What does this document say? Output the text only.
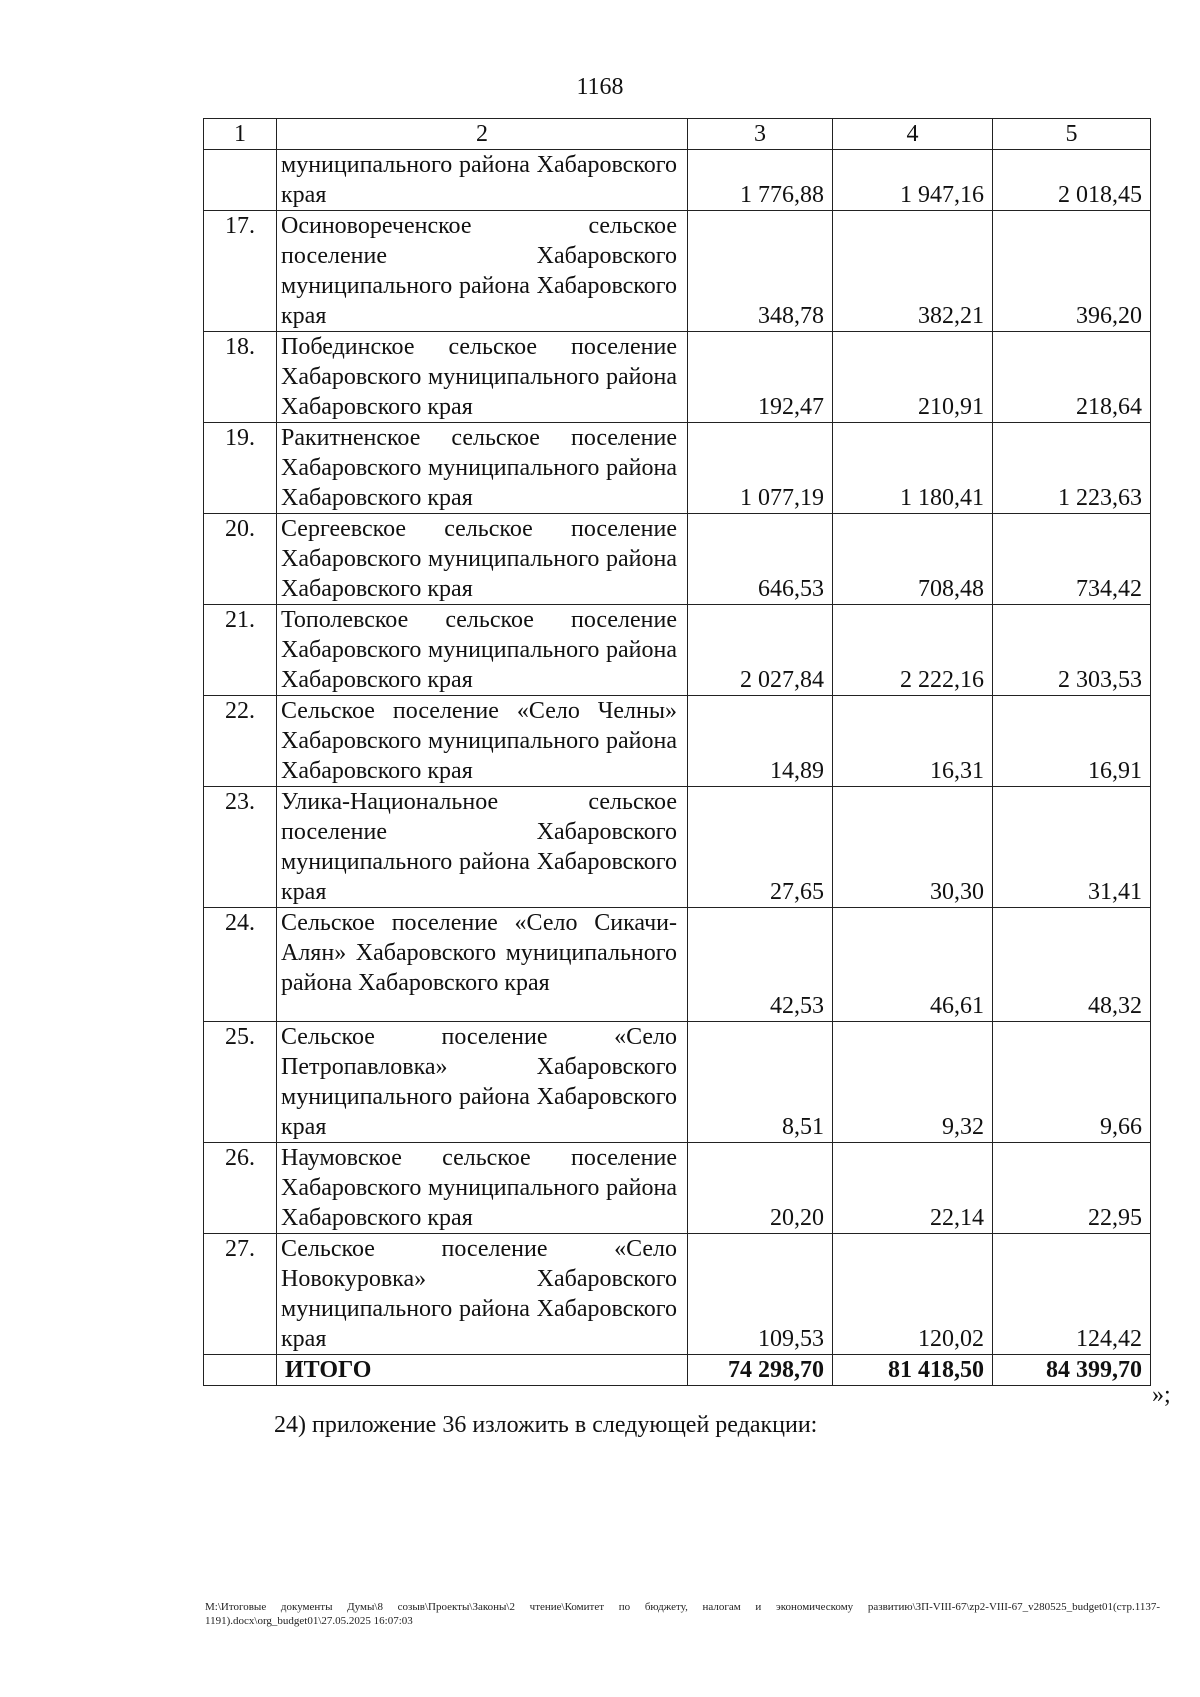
1168
1	2	3	4	5
	муниципального района Хабаровского края	1 776,88	1 947,16	2 018,45
17.	Осиновореченское сельское поселение Хабаровского муниципального района Хабаровского края	348,78	382,21	396,20
18.	Побединское сельское поселение Хабаровского муниципального района Хабаровского края	192,47	210,91	218,64
19.	Ракитненское сельское поселение Хабаровского муниципального района Хабаровского края	1 077,19	1 180,41	1 223,63
20.	Сергеевское сельское поселение Хабаровского муниципального района Хабаровского края	646,53	708,48	734,42
21.	Тополевское сельское поселение Хабаровского муниципального района Хабаровского края	2 027,84	2 222,16	2 303,53
22.	Сельское поселение «Село Челны» Хабаровского муниципального района Хабаровского края	14,89	16,31	16,91
23.	Улика-Национальное сельское поселение Хабаровского муниципального района Хабаровского края	27,65	30,30	31,41
24.	Сельское поселение «Село Сикачи-Алян» Хабаровского муниципального района Хабаровского края	42,53	46,61	48,32
25.	Сельское поселение «Село Петропавловка» Хабаровского муниципального района Хабаровского края	8,51	9,32	9,66
26.	Наумовское сельское поселение Хабаровского муниципального района Хабаровского края	20,20	22,14	22,95
27.	Сельское поселение «Село Новокуровка» Хабаровского муниципального района Хабаровского края	109,53	120,02	124,42
	ИТОГО	74 298,70	81 418,50	84 399,70
»;
24) приложение 36 изложить в следующей редакции:
M:\Итоговые документы Думы\8 созыв\Проекты\Законы\2 чтение\Комитет по бюджету, налогам и экономическому развитию\ЗП-VIII-67\zp2-VIII-67_v280525_budget01(стр.1137-1191).docx\org_budget01\27.05.2025 16:07:03
